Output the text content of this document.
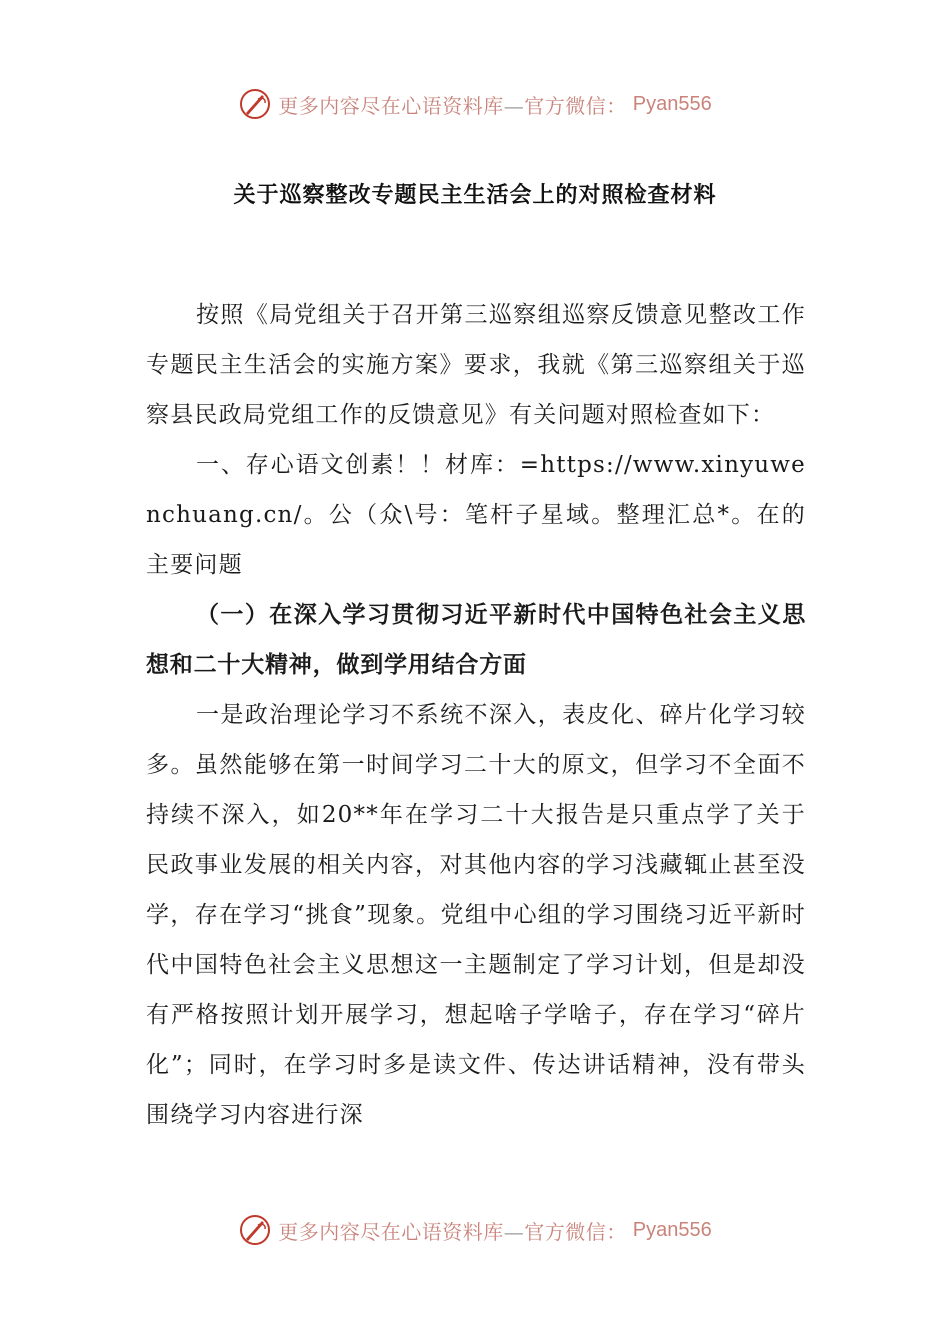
更多内容尽在心语资料库—官方微信： Pyan556
关于巡察整改专题民主生活会上的对照检查材料

按照《局党组关于召开第三巡察组巡察反馈意见整改工作专题民主生活会的实施方案》要求，我就《第三巡察组关于巡察县民政局党组工作的反馈意见》有关问题对照检查如下：

一、存心语文创素！！材库：=https://www.xinyuwenchuang.cn/。公（众\号：笔杆子星域。整理汇总*。在的主要问题

（一）在深入学习贯彻习近平新时代中国特色社会主义思想和二十大精神，做到学用结合方面

一是政治理论学习不系统不深入，表皮化、碎片化学习较多。虽然能够在第一时间学习二十大的原文，但学习不全面不持续不深入，如20**年在学习二十大报告是只重点学了关于民政事业发展的相关内容，对其他内容的学习浅藏辄止甚至没学，存在学习“挑食”现象。党组中心组的学习围绕习近平新时代中国特色社会主义思想这一主题制定了学习计划，但是却没有严格按照计划开展学习，想起啥子学啥子，存在学习“碎片化”；同时，在学习时多是读文件、传达讲话精神，没有带头围绕学习内容进行深

更多内容尽在心语资料库—官方微信： Pyan556
